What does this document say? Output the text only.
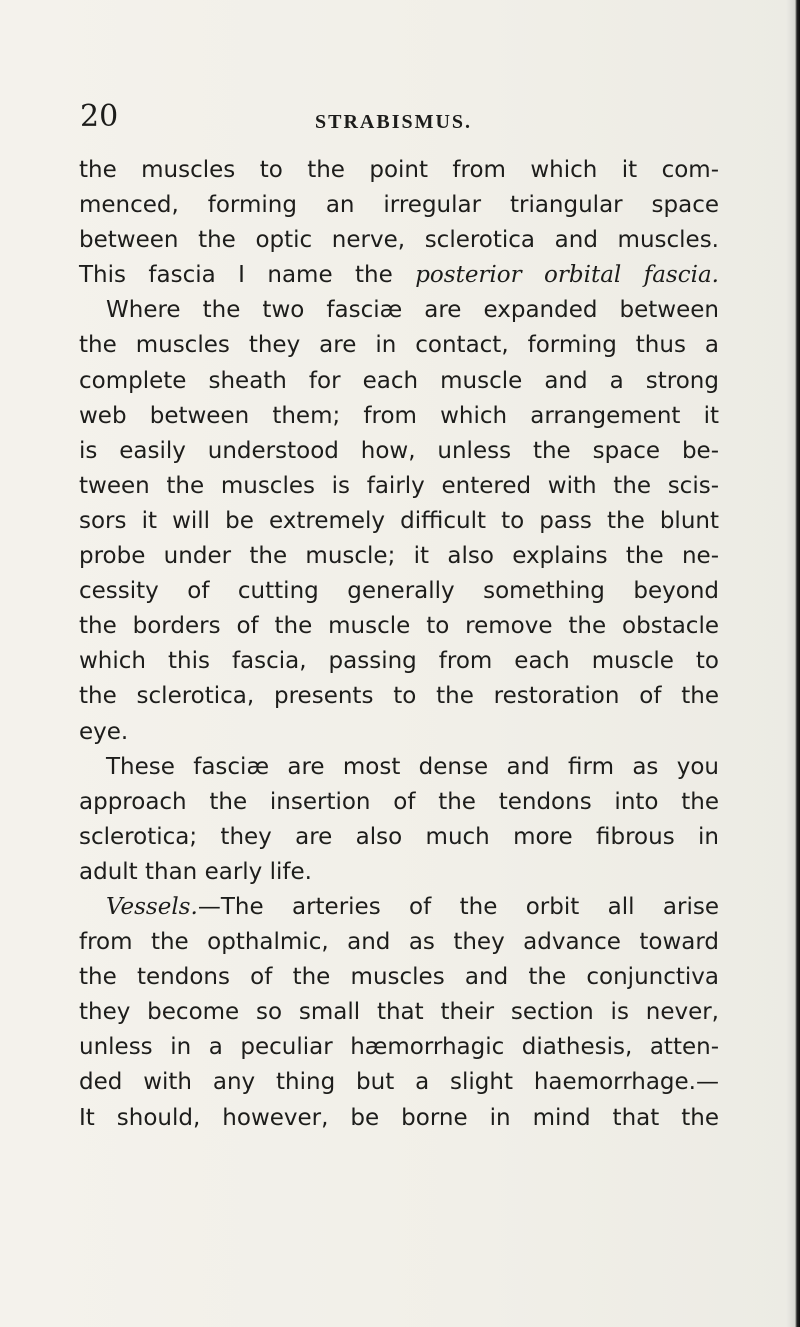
20	STRABISMUS.

the muscles to the point from which it com-

menced, forming an irregular triangular space

between the optic nerve, sclerotica and muscles.

This fascia I name the posterior orbital fascia.

Where the two fasciæ are expanded between

the muscles they are in contact, forming thus a

complete sheath for each muscle and a strong

web between them; from which arrangement it

is easily understood how, unless the space be-

tween the muscles is fairly entered with the scis-

sors it will be extremely difficult to pass the blunt

probe under the muscle; it also explains the ne-

cessity of cutting generally something beyond

the borders of the muscle to remove the obstacle

which this fascia, passing from each muscle to

the sclerotica, presents to the restoration of the

eye.

These fasciæ are most dense and firm as you

approach the insertion of the tendons into the

sclerotica; they are also much more fibrous in

adult than early life.

Vessels.—The arteries of the orbit all arise

from the opthalmic, and as they advance toward

the tendons of the muscles and the conjunctiva

they become so small that their section is never,

unless in a peculiar hæmorrhagic diathesis, atten-

ded with any thing but a slight haemorrhage.—

It should, however, be borne in mind that the
